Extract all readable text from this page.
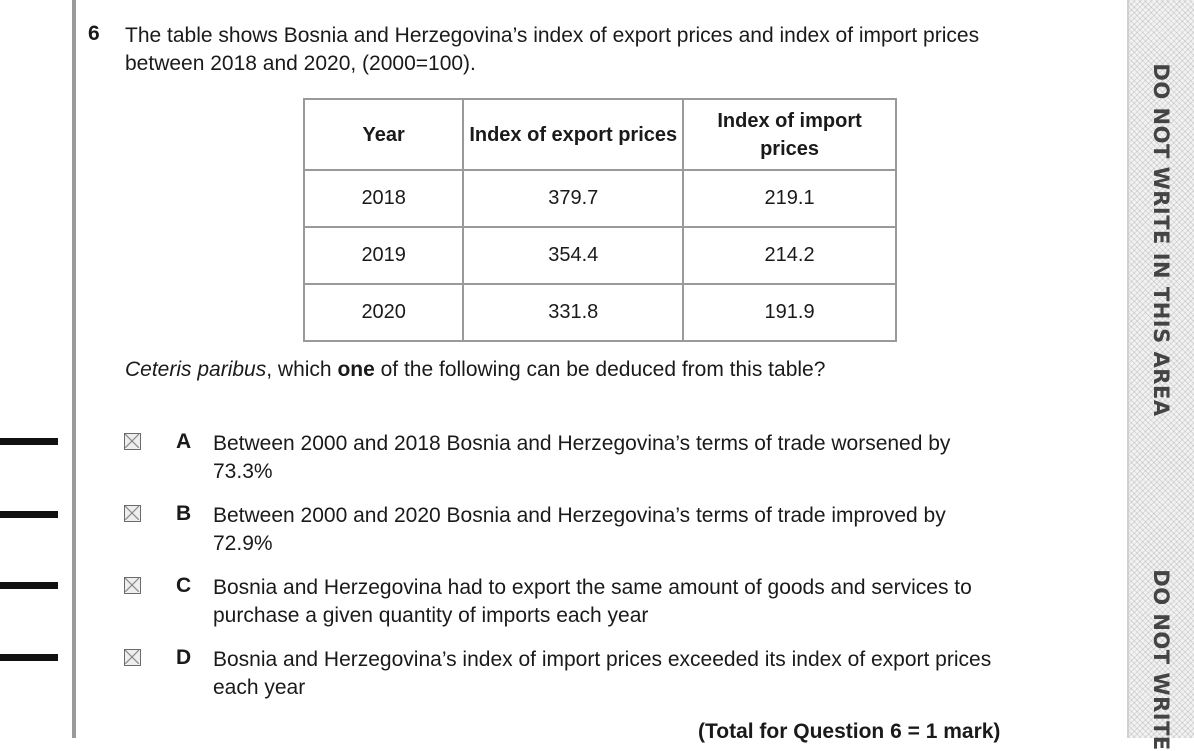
DO NOT WRITE IN THIS AREA
DO NOT WRITE
6 The table shows Bosnia and Herzegovina’s index of export prices and index of import prices between 2018 and 2020, (2000=100).
Year	Index of export prices	Index of import prices
2018	379.7	219.1
2019	354.4	214.2
2020	331.8	191.9
Ceteris paribus, which one of the following can be deduced from this table?
A Between 2000 and 2018 Bosnia and Herzegovina’s terms of trade worsened by 73.3%
B Between 2000 and 2020 Bosnia and Herzegovina’s terms of trade improved by 72.9%
C Bosnia and Herzegovina had to export the same amount of goods and services to purchase a given quantity of imports each year
D Bosnia and Herzegovina’s index of import prices exceeded its index of export prices each year
(Total for Question 6 = 1 mark)
